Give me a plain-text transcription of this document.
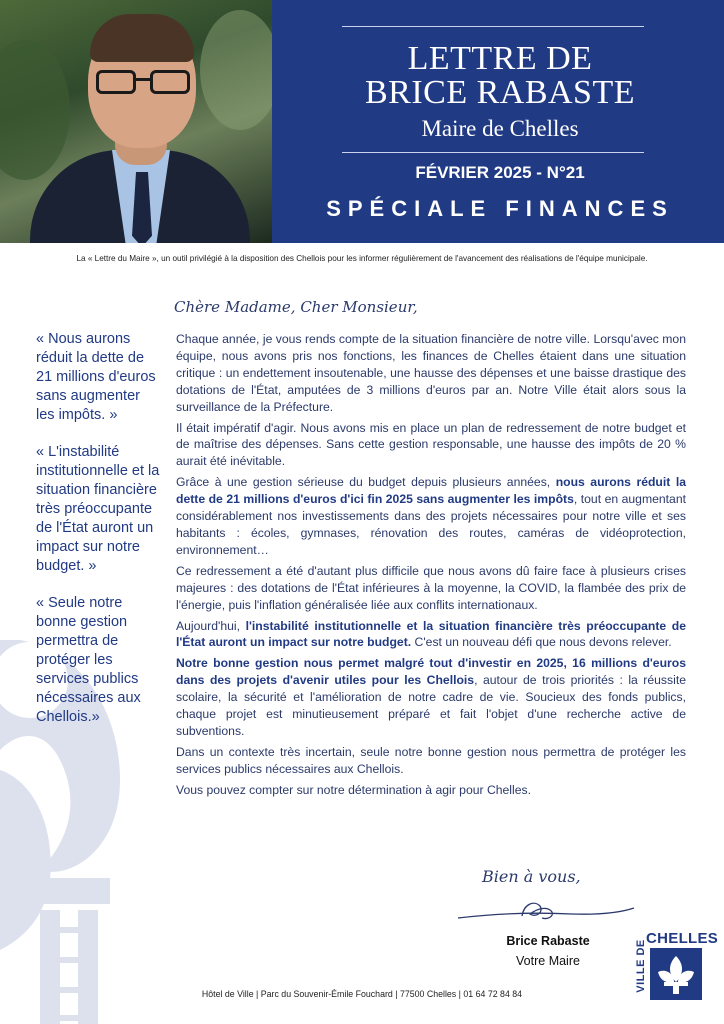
LETTRE DE
BRICE RABASTE
Maire de Chelles
FÉVRIER 2025 - N°21
SPÉCIALE FINANCES
La « Lettre du Maire », un outil privilégié à la disposition des Chellois pour les informer régulièrement de l'avancement des réalisations de l'équipe municipale.

« Nous aurons réduit la dette de 21 millions d'euros sans augmenter les impôts. »

« L'instabilité institutionnelle et la situation financière très préoccupante de l'État auront un impact sur notre budget. »

« Seule notre bonne gestion permettra de protéger les services publics nécessaires aux Chellois.»

Chère Madame, Cher Monsieur,

Chaque année, je vous rends compte de la situation financière de notre ville. Lorsqu'avec mon équipe, nous avons pris nos fonctions, les finances de Chelles étaient dans une situation critique : un endettement insoutenable, une hausse des dépenses et une baisse drastique des dotations de l'État, amputées de 3 millions d'euros par an. Notre Ville était alors sous la surveillance de la Préfecture.

Il était impératif d'agir. Nous avons mis en place un plan de redressement de notre budget et de maîtrise des dépenses. Sans cette gestion responsable, une hausse des impôts de 20 % aurait été inévitable.

Grâce à une gestion sérieuse du budget depuis plusieurs années, nous aurons réduit la dette de 21 millions d'euros d'ici fin 2025 sans augmenter les impôts, tout en augmentant considérablement nos investissements dans des projets nécessaires pour notre ville et ses habitants : écoles, gymnases, rénovation des routes, caméras de vidéoprotection, environnement…

Ce redressement a été d'autant plus difficile que nous avons dû faire face à plusieurs crises majeures : des dotations de l'État inférieures à la moyenne, la COVID, la flambée des prix de l'énergie, puis l'inflation généralisée liée aux conflits internationaux.

Aujourd'hui, l'instabilité institutionnelle et la situation financière très préoccupante de l'État auront un impact sur notre budget. C'est un nouveau défi que nous devons relever.

Notre bonne gestion nous permet malgré tout d'investir en 2025, 16 millions d'euros dans des projets d'avenir utiles pour les Chellois, autour de trois priorités : la réussite scolaire, la sécurité et l'amélioration de notre cadre de vie. Soucieux des fonds publics, chaque projet est minutieusement préparé et fait l'objet d'une recherche active de subventions.

Dans un contexte très incertain, seule notre bonne gestion nous permettra de protéger les services publics nécessaires aux Chellois.

Vous pouvez compter sur notre détermination à agir pour Chelles.

Bien à vous,
Brice Rabaste
Votre Maire
CHELLES
VILLE DE
Hôtel de Ville | Parc du Souvenir-Émile Fouchard | 77500 Chelles | 01 64 72 84 84
